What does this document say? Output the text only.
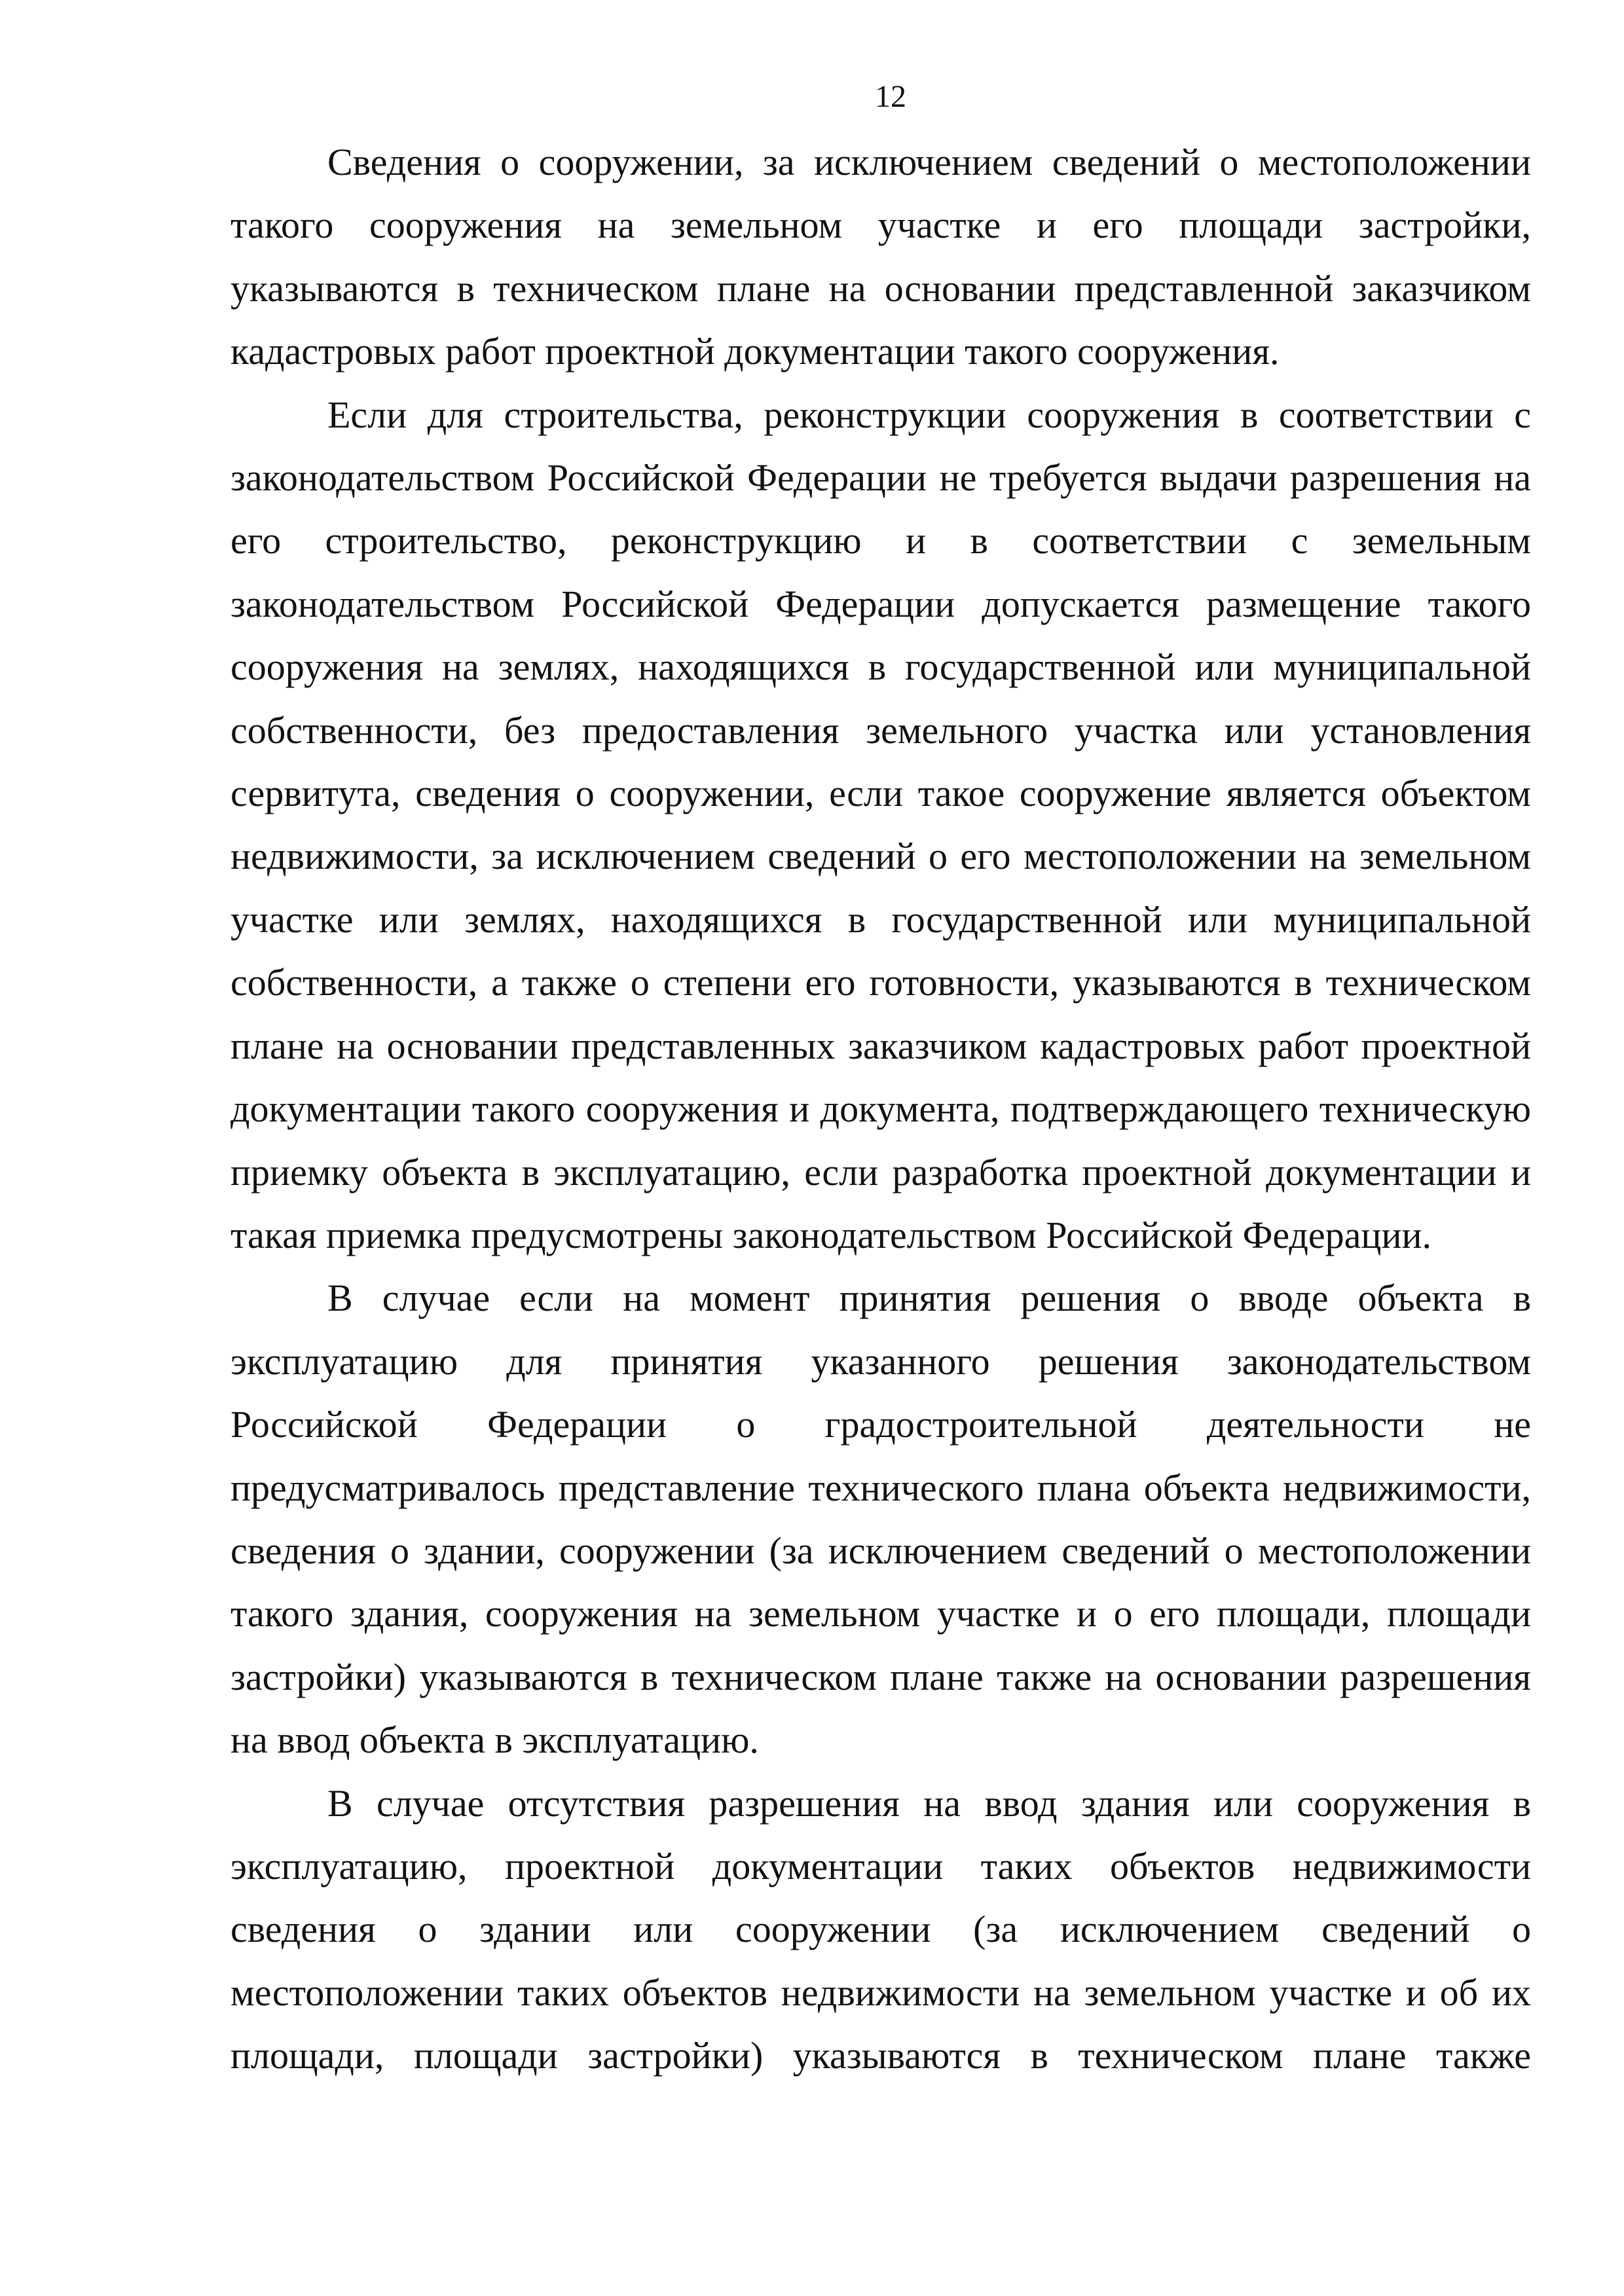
12

Сведения о сооружении, за исключением сведений о местоположении такого сооружения на земельном участке и его площади застройки, указываются в техническом плане на основании представленной заказчиком кадастровых работ проектной документации такого сооружения.

Если для строительства, реконструкции сооружения в соответствии с законодательством Российской Федерации не требуется выдачи разрешения на его строительство, реконструкцию и в соответствии с земельным законодательством Российской Федерации допускается размещение такого сооружения на землях, находящихся в государственной или муниципальной собственности, без предоставления земельного участка или установления сервитута, сведения о сооружении, если такое сооружение является объектом недвижимости, за исключением сведений о его местоположении на земельном участке или землях, находящихся в государственной или муниципальной собственности, а также о степени его готовности, указываются в техническом плане на основании представленных заказчиком кадастровых работ проектной документации такого сооружения и документа, подтверждающего техническую приемку объекта в эксплуатацию, если разработка проектной документации и такая приемка предусмотрены законодательством Российской Федерации.

В случае если на момент принятия решения о вводе объекта в эксплуатацию для принятия указанного решения законодательством Российской Федерации о градостроительной деятельности не предусматривалось представление технического плана объекта недвижимости, сведения о здании, сооружении (за исключением сведений о местоположении такого здания, сооружения на земельном участке и о его площади, площади застройки) указываются в техническом плане также на основании разрешения на ввод объекта в эксплуатацию.

В случае отсутствия разрешения на ввод здания или сооружения в эксплуатацию, проектной документации таких объектов недвижимости сведения о здании или сооружении (за исключением сведений о местоположении таких объектов недвижимости на земельном участке и об их площади, площади застройки) указываются в техническом плане также
